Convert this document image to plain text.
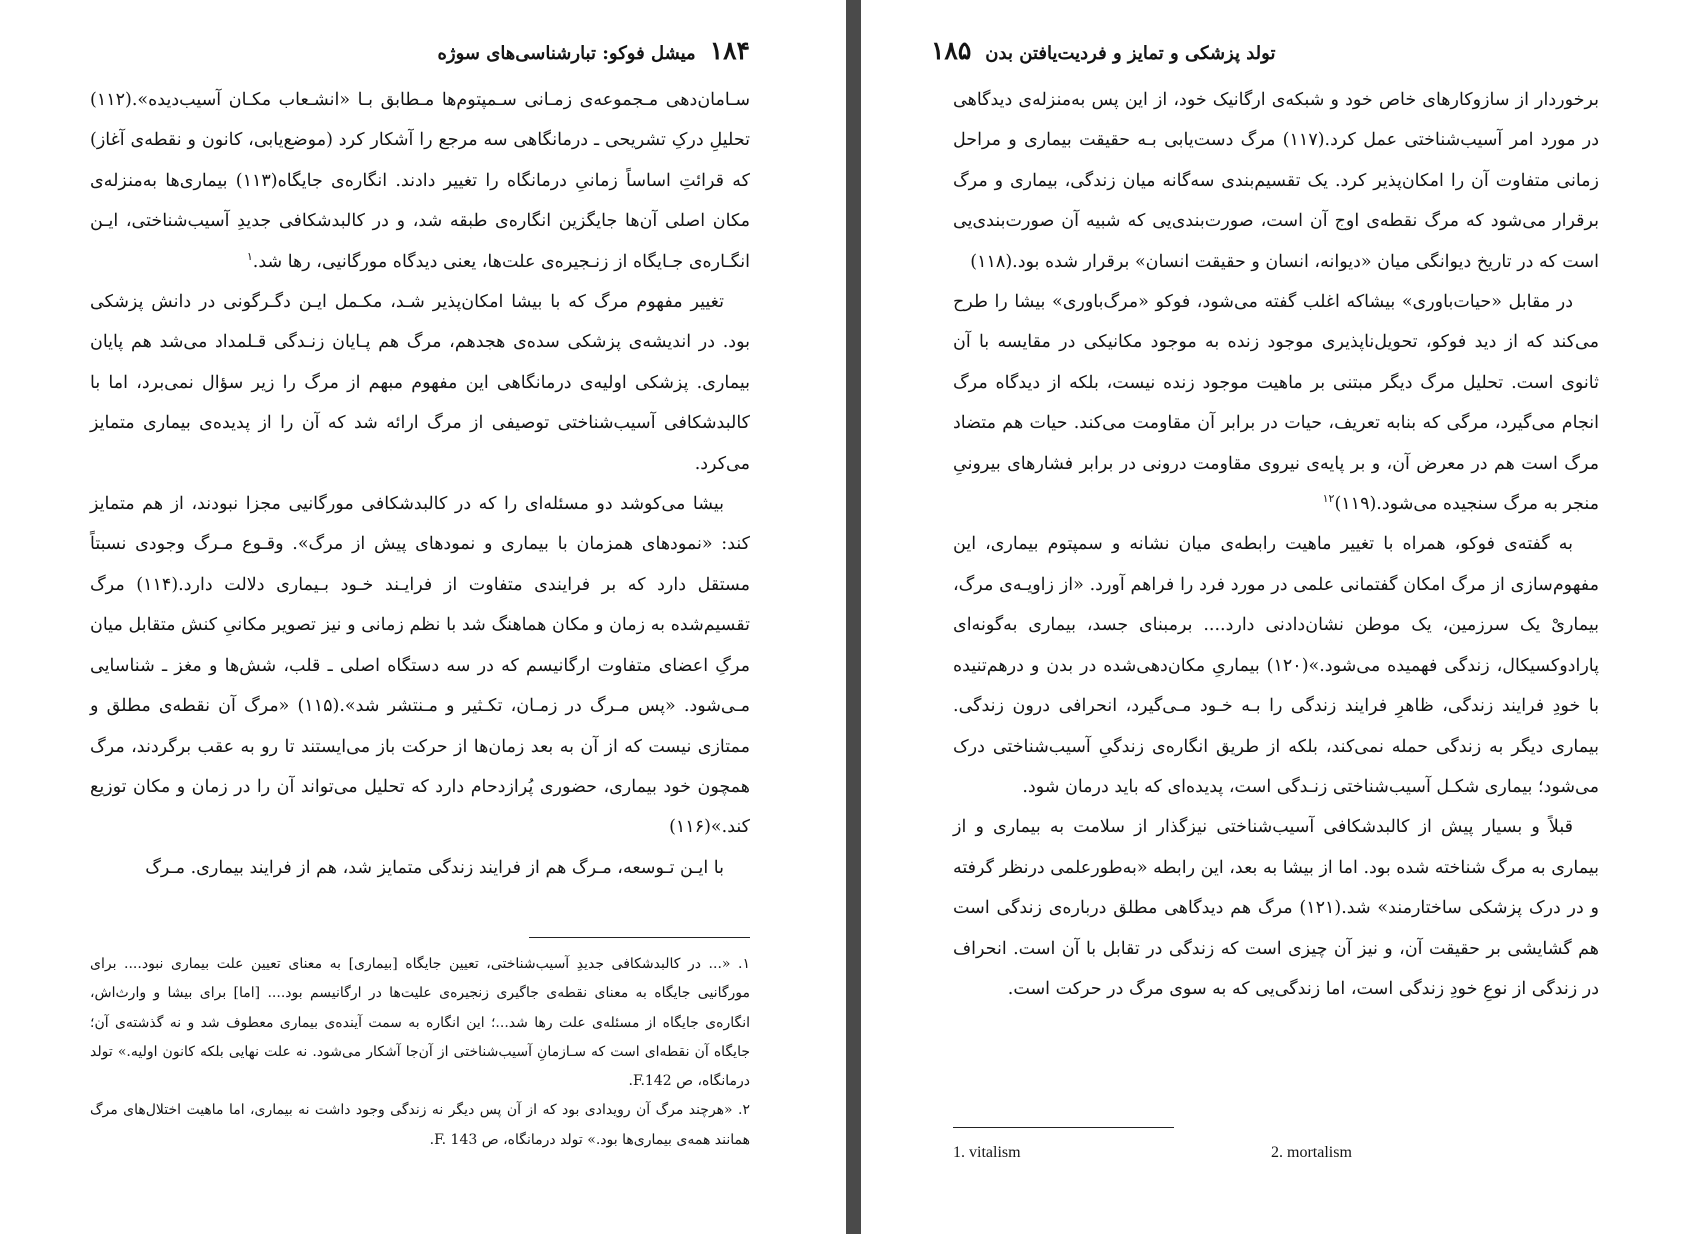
۱۸۴
میشل فوکو: تبارشناسی‌های سوژه

سـامان‌دهی مـجموعه‌ی زمـانی سـمپتوم‌ها مـطابق بـا «انشـعاب مکـان آسیب‌دیده».(۱۱۲) تحلیلِ درکِ تشریحی ـ درمانگاهی سه مرجع را آشکار کرد (موضع‌یابی، کانون و نقطه‌ی آغاز) که قرائتِ اساساً زمانیِ درمانگاه را تغییر دادند. انگاره‌ی جایگاه(۱۱۳) بیماری‌ها به‌منزله‌ی مکان اصلی آن‌ها جایگزین انگاره‌ی طبقه شد، و در کالبدشکافی جدیدِ آسیب‌شناختی، ایـن انگـاره‌ی جـایگاه از زنـجیره‌ی علت‌ها، یعنی دیدگاه مورگانیی، رها شد.$^۱$

تغییر مفهوم مرگ که با بیشا امکان‌پذیر شـد، مکـمل ایـن دگـرگونی در دانش پزشکی بود. در اندیشه‌ی پزشکی سده‌ی هجدهم، مرگ هم پـایان زنـدگی قـلمداد می‌شد هم پایان بیماری. پزشکی اولیه‌ی درمانگاهی این مفهوم مبهم از مرگ را زیر سؤال نمی‌برد، اما با کالبدشکافی آسیب‌شناختی توصیفی از مرگ ارائه شد که آن را از پدیده‌ی بیماری متمایز می‌کرد.

بیشا می‌کوشد دو مسئله‌ای را که در کالبدشکافی مورگانیی مجزا نبودند، از هم متمایز کند: «نمودهای همزمان با بیماری و نمودهای پیش از مرگ». وقـوع مـرگ وجودی نسبتاً مستقل دارد که بر فرایندی متفاوت از فرایـند خـود بـیماری دلالت دارد.(۱۱۴) مرگ تقسیم‌شده به زمان و مکان هماهنگ شد با نظم زمانی و نیز تصویر مکانیِ کنش متقابل میان مرگِ اعضای متفاوت ارگانیسم که در سه دستگاه اصلی ـ قلب، شش‌ها و مغز ـ شناسایی مـی‌شود. «پس مـرگ در زمـان، تکـثیر و مـنتشر شد».(۱۱۵) «مرگ آن نقطه‌ی مطلق و ممتازی نیست که از آن به بعد زمان‌ها از حرکت باز می‌ایستند تا رو به عقب برگردند، مرگ همچون خود بیماری، حضوری پُرازدحام دارد که تحلیل می‌تواند آن را در زمان و مکان توزیع کند.»(۱۱۶)

با ایـن تـوسعه، مـرگ هم از فرایند زندگی متمایز شد، هم از فرایند بیماری. مـرگ

۱. «... در کالبدشکافی جدیدِ آسیب‌شناختی، تعیین جایگاه [بیماری] به معنای تعیین علت بیماری نبود.... برای مورگانیی جایگاه به معنای نقطه‌ی جاگیری زنجیره‌ی علیت‌ها در ارگانیسم بود.... [اما] برای بیشا و وارث‌اش، انگاره‌ی جایگاه از مسئله‌ی علت رها شد...؛ این انگاره به سمت آینده‌ی بیماری معطوف شد و نه گذشته‌ی آن؛ جایگاه آن نقطه‌ای است که سـازمانِ آسیب‌شناختی از آن‌جا آشکار می‌شود. نه علت نهایی بلکه کانون اولیه.» تولد درمانگاه، ص F.142.

۲. «هرچند مرگ آن رویدادی بود که از آن پس دیگر نه زندگی وجود داشت نه بیماری، اما ماهیت اختلال‌های مرگ همانند همه‌ی بیماری‌ها بود.» تولد درمانگاه، ص F. 143.

تولد پزشکی و تمایز و فردیت‌یافتن بدن
۱۸۵

برخوردار از سازوکارهای خاص خود و شبکه‌ی ارگانیک خود، از این پس به‌منزله‌ی دیدگاهی در مورد امر آسیب‌شناختی عمل کرد.(۱۱۷) مرگ دست‌یابی بـه حقیقت بیماری و مراحل زمانی متفاوت آن را امکان‌پذیر کرد. یک تقسیم‌بندی سه‌گانه میان زندگی، بیماری و مرگ برقرار می‌شود که مرگ نقطه‌ی اوج آن است، صورت‌بندی‌یی که شبیه آن صورت‌بندی‌یی است که در تاریخ دیوانگی میان «دیوانه، انسان و حقیقت انسان» برقرار شده بود.(۱۱۸)

در مقابل «حیات‌باوری» بیشاکه اغلب گفته می‌شود، فوکو «مرگ‌باوری» بیشا را طرح می‌کند که از دید فوکو، تحویل‌ناپذیری موجود زنده به موجود مکانیکی در مقایسه با آن ثانوی است. تحلیل مرگ دیگر مبتنی بر ماهیت موجود زنده نیست، بلکه از دیدگاه مرگ انجام می‌گیرد، مرگی که بنابه تعریف، حیات در برابر آن مقاومت می‌کند. حیات هم متضاد مرگ است هم در معرض آن، و بر پایه‌ی نیروی مقاومت درونی در برابر فشارهای بیرونیِ منجر به مرگ سنجیده می‌شود.(۱۱۹)$^{۱۲}$

به گفته‌ی فوکو، همراه با تغییر ماهیت رابطه‌ی میان نشانه و سمپتوم بیماری، این مفهوم‌سازی از مرگ امکان گفتمانی علمی در مورد فرد را فراهم آورد. «از زاویـه‌ی مرگ، بیماریْ یک سرزمین، یک موطن نشان‌دادنی دارد.... برمبنای جسد، بیماری به‌گونه‌ای پارادوکسیکال، زندگی فهمیده می‌شود.»(۱۲۰) بیماریِ مکان‌دهی‌شده در بدن و درهم‌تنیده با خودِ فرایند زندگی، ظاهرِ فرایند زندگی را بـه خـود مـی‌گیرد، انحرافی درون زندگی. بیماری دیگر به زندگی حمله نمی‌کند، بلکه از طریق انگاره‌ی زندگیِ آسیب‌شناختی درک می‌شود؛ بیماری شکـل آسیب‌شناختی زنـدگی است، پدیده‌ای که باید درمان شود.

قبلاً و بسیار پیش از کالبدشکافی آسیب‌شناختی نیزگذار از سلامت به بیماری و از بیماری به مرگ شناخته شده بود. اما از بیشا به بعد، این رابطه «به‌طورعلمی درنظر گرفته و در درک پزشکی ساختارمند» شد.(۱۲۱) مرگ هم دیدگاهی مطلق درباره‌ی زندگی است هم گشایشی بر حقیقت آن، و نیز آن چیزی است که زندگی در تقابل با آن است. انحراف در زندگی از نوعِ خودِ زندگی است، اما زندگی‌یی که به سوی مرگ در حرکت است.

1. vitalism	2. mortalism
